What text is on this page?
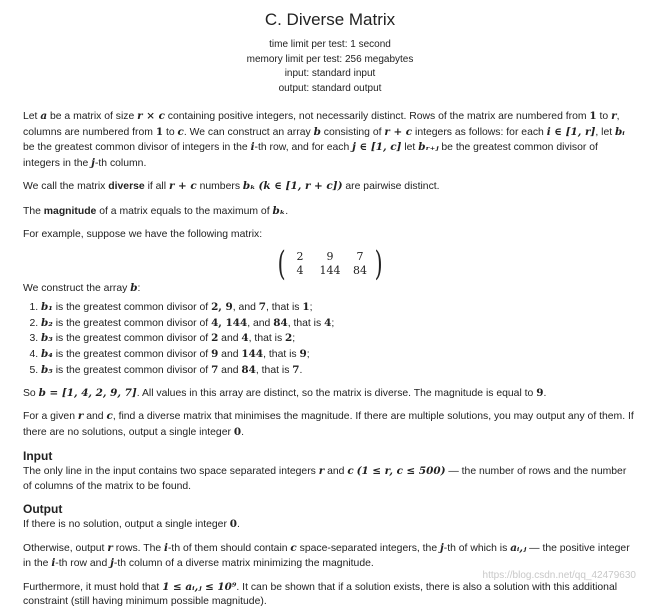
C. Diverse Matrix
time limit per test: 1 second
memory limit per test: 256 megabytes
input: standard input
output: standard output

Let a be a matrix of size r × c containing positive integers, not necessarily distinct. Rows of the matrix are numbered from 1 to r, columns are numbered from 1 to c. We can construct an array b consisting of r + c integers as follows: for each i ∈ [1, r], let bᵢ be the greatest common divisor of integers in the i-th row, and for each j ∈ [1, c] let bᵣ₊ⱼ be the greatest common divisor of integers in the j-th column.

We call the matrix diverse if all r + c numbers bₖ (k ∈ [1, r + c]) are pairwise distinct.

The magnitude of a matrix equals to the maximum of bₖ.

For example, suppose we have the following matrix:

(	2	9	7
4	144	84 )

We construct the array b:

1. b₁ is the greatest common divisor of 2, 9, and 7, that is 1;
2. b₂ is the greatest common divisor of 4, 144, and 84, that is 4;
3. b₃ is the greatest common divisor of 2 and 4, that is 2;
4. b₄ is the greatest common divisor of 9 and 144, that is 9;
5. b₅ is the greatest common divisor of 7 and 84, that is 7.

So b = [1, 4, 2, 9, 7]. All values in this array are distinct, so the matrix is diverse. The magnitude is equal to 9.

For a given r and c, find a diverse matrix that minimises the magnitude. If there are multiple solutions, you may output any of them. If there are no solutions, output a single integer 0.

Input

The only line in the input contains two space separated integers r and c (1 ≤ r, c ≤ 500) — the number of rows and the number of columns of the matrix to be found.

Output

If there is no solution, output a single integer 0.

Otherwise, output r rows. The i-th of them should contain c space-separated integers, the j-th of which is aᵢ,ⱼ — the positive integer in the i-th row and j-th column of a diverse matrix minimizing the magnitude.

Furthermore, it must hold that 1 ≤ aᵢ,ⱼ ≤ 10⁹. It can be shown that if a solution exists, there is also a solution with this additional constraint (still having minimum possible magnitude).

https://blog.csdn.net/qq_42479630
